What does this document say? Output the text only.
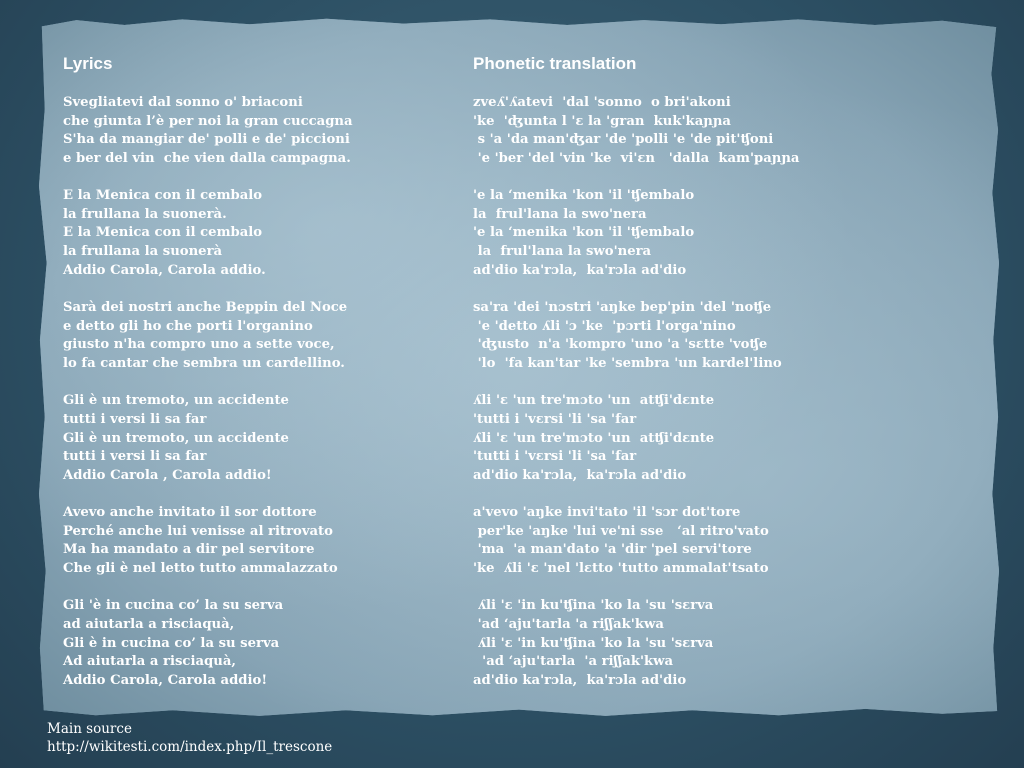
Lyrics
Svegliatevi dal sonno o' briaconi
che giunta l’è per noi la gran cuccagna
S'ha da mangiar de' polli e de' piccioni
e ber del vin  che vien dalla campagna.
E la Menica con il cembalo
la frullana la suonerà.
E la Menica con il cembalo
la frullana la suonerà
Addio Carola, Carola addio.
Sarà dei nostri anche Beppin del Noce
e detto gli ho che porti l'organino
giusto n'ha compro uno a sette voce,
lo fa cantar che sembra un cardellino.
Gli è un tremoto, un accidente
tutti i versi li sa far
Gli è un tremoto, un accidente
tutti i versi li sa far
Addio Carola , Carola addio!
Avevo anche invitato il sor dottore
Perché anche lui venisse al ritrovato
Ma ha mandato a dir pel servitore
Che gli è nel letto tutto ammalazzato
Gli 'è in cucina co’ la su serva
ad aiutarla a risciaquà,
Gli è in cucina co’ la su serva
Ad aiutarla a risciaquà,
Addio Carola, Carola addio!
Phonetic translation
zveʎ'ʎatevi  'dal 'sonno  o bri'akoni
'ke  'ʤunta l 'ɛ la 'gran  kuk'kaɲɲa
s 'a 'da man'ʤar 'de 'polli 'e 'de pit'ʧoni
'e 'ber 'del 'vin 'ke  vi'ɛn   'dalla  kam'paɲɲa
'e la ‘menika 'kon 'il 'ʧembalo
la  frul'lana la swo'nera
'e la ‘menika 'kon 'il 'ʧembalo
la  frul'lana la swo'nera
ad'dio ka'rɔla,  ka'rɔla ad'dio
sa'ra 'dei 'nɔstri 'aŋke bep'pin 'del 'noʧe
'e 'detto ʎli 'ɔ 'ke  'pɔrti l'orga'nino
'ʤusto  n'a 'kompro 'uno 'a 'sɛtte 'voʧe
'lo  'fa kan'tar 'ke 'sembra 'un kardel'lino
ʎli 'ɛ 'un tre'mɔto 'un  atʧi'dɛnte
'tutti i 'vɛrsi 'li 'sa 'far
ʎli 'ɛ 'un tre'mɔto 'un  atʧi'dɛnte
'tutti i 'vɛrsi 'li 'sa 'far
ad'dio ka'rɔla,  ka'rɔla ad'dio
a'vevo 'aŋke invi'tato 'il 'sɔr dot'tore
per'ke 'aŋke 'lui ve'ni sse   ‘al ritro'vato
'ma  'a man'dato 'a 'dir 'pel servi'tore
'ke  ʎli 'ɛ 'nel 'lɛtto 'tutto ammalat'tsato
ʎli 'ɛ 'in ku'ʧina 'ko la 'su 'sɛrva
'ad ‘aju'tarla 'a riʃʃak'kwa
ʎli 'ɛ 'in ku'ʧina 'ko la 'su 'sɛrva
'ad ‘aju'tarla  'a riʃʃak'kwa
ad'dio ka'rɔla,  ka'rɔla ad'dio
Main source
http://wikitesti.com/index.php/Il_trescone
